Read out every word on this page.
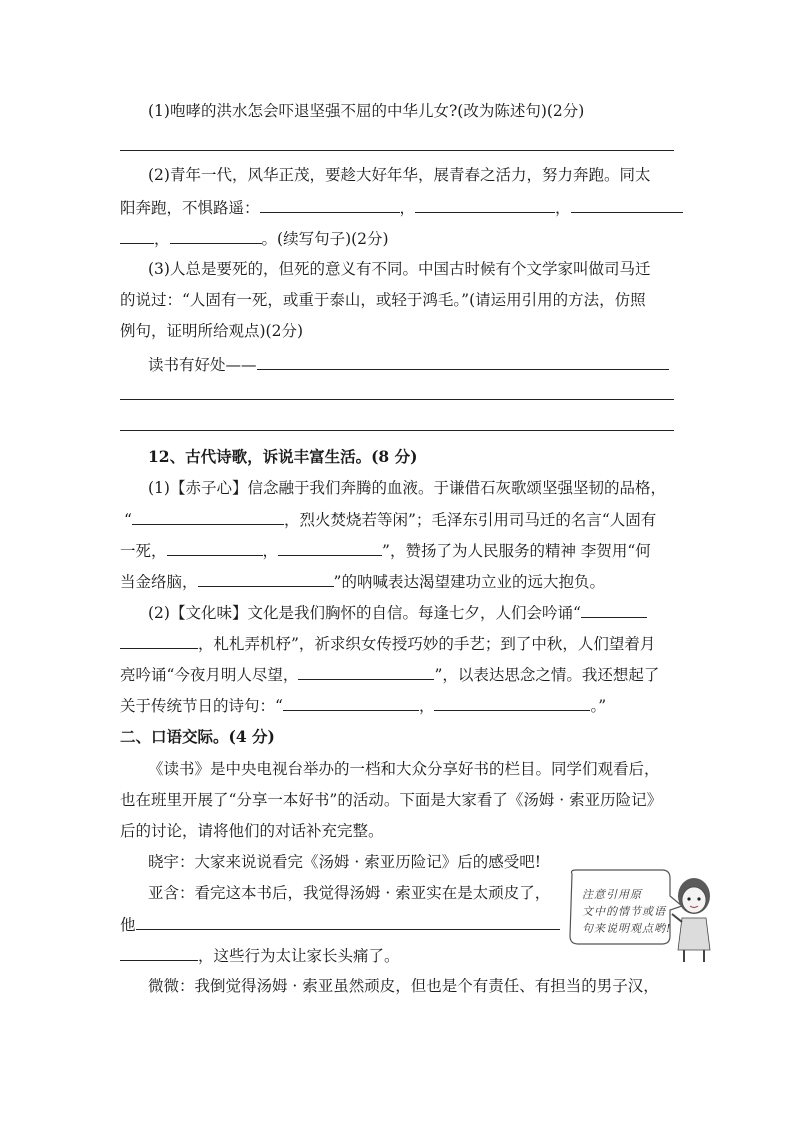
(1)咆哮的洪水怎会吓退坚强不屈的中华儿女?(改为陈述句)(2分)
(2)青年一代，风华正茂，要趁大好年华，展青春之活力，努力奔跑。同太
阳奔跑，不惧路遥：	，	，
，	。(续写句子)(2分)
(3)人总是要死的，但死的意义有不同。中国古时候有个文学家叫做司马迁
的说过：“人固有一死，或重于泰山，或轻于鸿毛。”(请运用引用的方法，仿照
例句，证明所给观点)(2分)
读书有好处——
12、古代诗歌，诉说丰富生活。(8 分)
(1)【赤子心】信念融于我们奔腾的血液。于谦借石灰歌颂坚强坚韧的品格，
“	，烈火焚烧若等闲”；毛泽东引用司马迁的名言“人固有
一死，	，	”，赞扬了为人民服务的精神 李贺用“何
当金络脑，	”的呐喊表达渴望建功立业的远大抱负。
(2)【文化味】文化是我们胸怀的自信。每逢七夕，人们会吟诵“
，札札弄机杼”，祈求织女传授巧妙的手艺；到了中秋，人们望着月
亮吟诵“今夜月明人尽望，	”，以表达思念之情。我还想起了
关于传统节日的诗句：“	，	。”
二、口语交际。(4 分)
《读书》是中央电视台举办的一档和大众分享好书的栏目。同学们观看后，
也在班里开展了“分享一本好书”的活动。下面是大家看了《汤姆 · 索亚历险记》
后的讨论，请将他们的对话补充完整。
晓宇：大家来说说看完《汤姆 · 索亚历险记》后的感受吧!
亚含：看完这本书后，我觉得汤姆 · 索亚实在是太顽皮了，
他
，这些行为太让家长头痛了。
微微：我倒觉得汤姆 · 索亚虽然顽皮，但也是个有责任、有担当的男子汉，
注意引用原
文中的情节或语
句来说明观点哟!
